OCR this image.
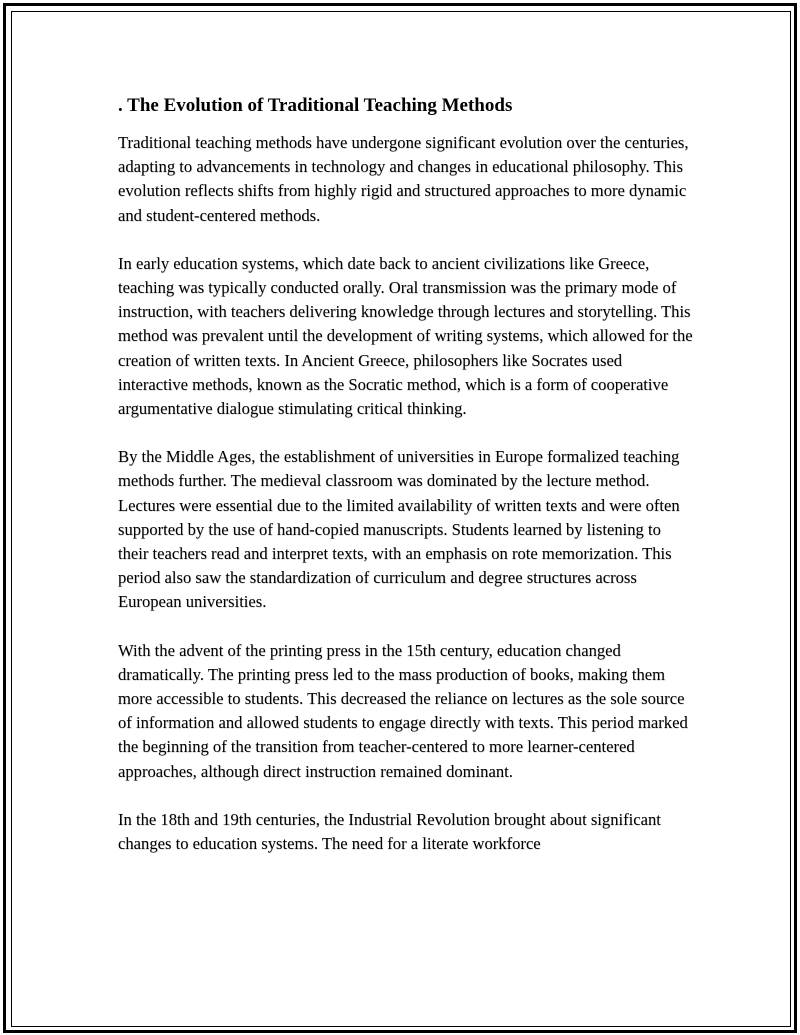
. The Evolution of Traditional Teaching Methods

Traditional teaching methods have undergone significant evolution over the centuries, adapting to advancements in technology and changes in educational philosophy. This evolution reflects shifts from highly rigid and structured approaches to more dynamic and student-centered methods.

In early education systems, which date back to ancient civilizations like Greece, teaching was typically conducted orally. Oral transmission was the primary mode of instruction, with teachers delivering knowledge through lectures and storytelling. This method was prevalent until the development of writing systems, which allowed for the creation of written texts. In Ancient Greece, philosophers like Socrates used interactive methods, known as the Socratic method, which is a form of cooperative argumentative dialogue stimulating critical thinking.

By the Middle Ages, the establishment of universities in Europe formalized teaching methods further. The medieval classroom was dominated by the lecture method. Lectures were essential due to the limited availability of written texts and were often supported by the use of hand-copied manuscripts. Students learned by listening to their teachers read and interpret texts, with an emphasis on rote memorization. This period also saw the standardization of curriculum and degree structures across European universities.

With the advent of the printing press in the 15th century, education changed dramatically. The printing press led to the mass production of books, making them more accessible to students. This decreased the reliance on lectures as the sole source of information and allowed students to engage directly with texts. This period marked the beginning of the transition from teacher-centered to more learner-centered approaches, although direct instruction remained dominant.

In the 18th and 19th centuries, the Industrial Revolution brought about significant changes to education systems. The need for a literate workforce
